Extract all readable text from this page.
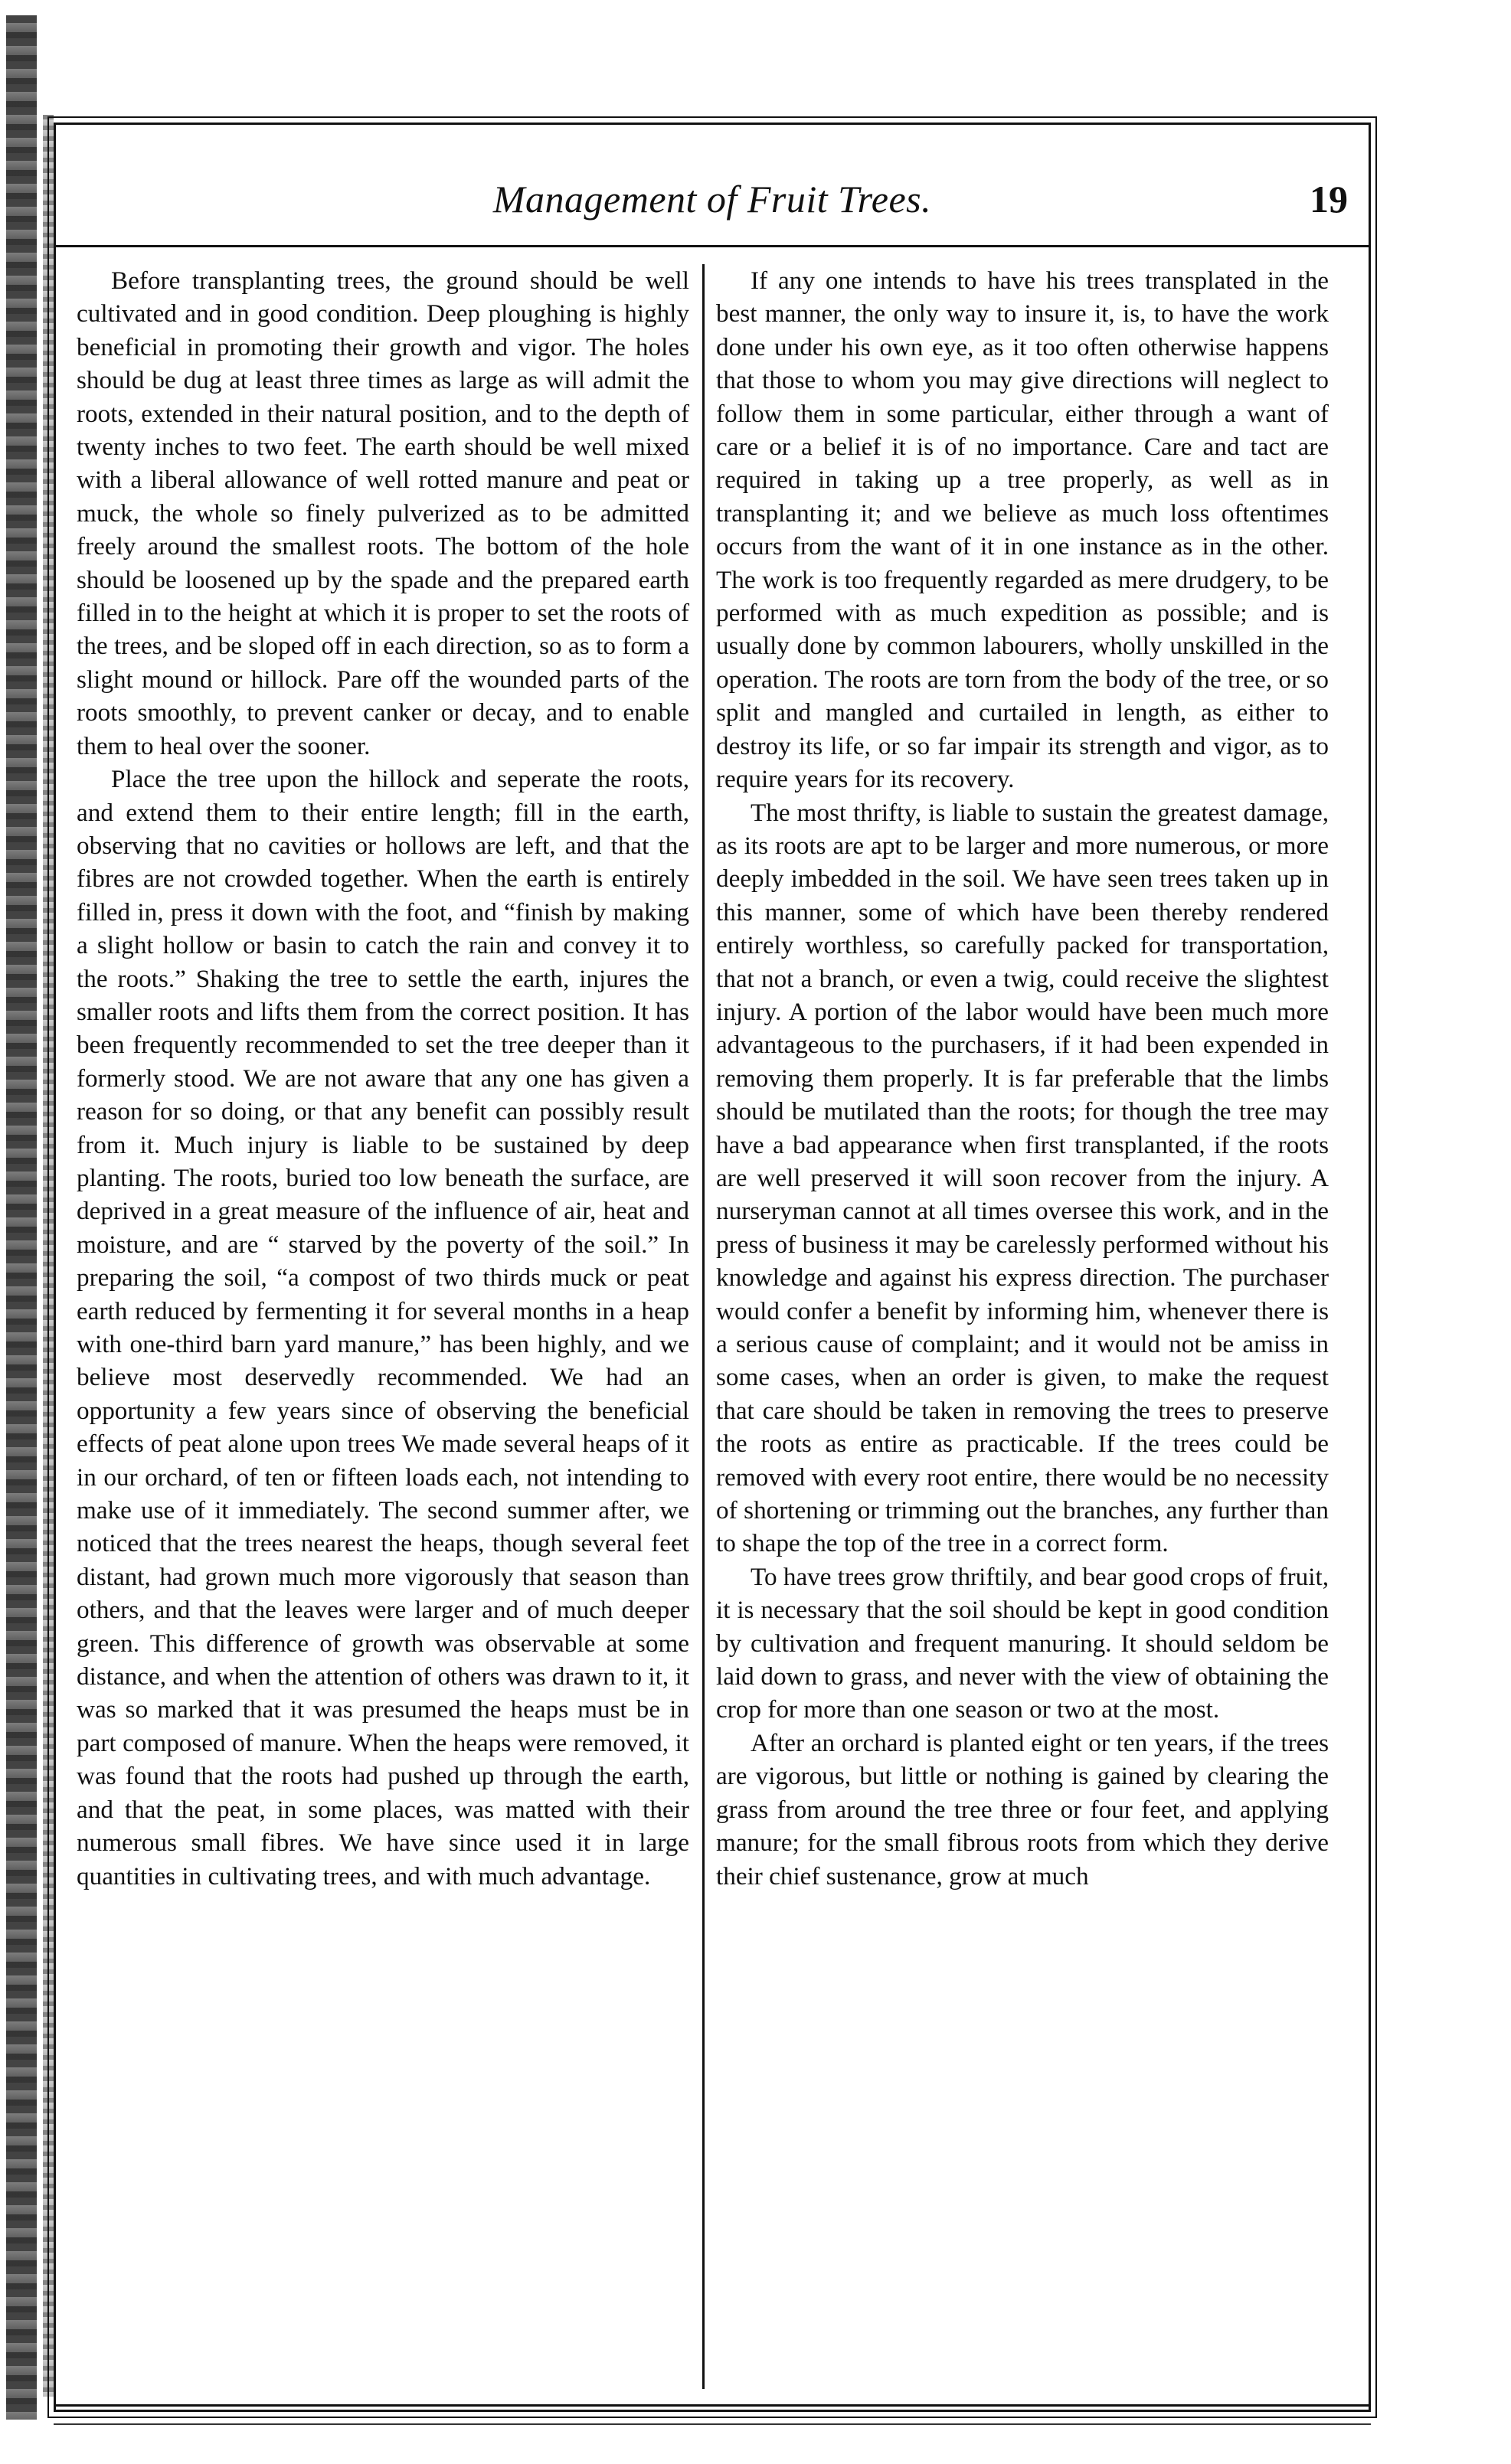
Management of Fruit Trees.	19

Before transplanting trees, the ground should be well cultivated and in good condition. Deep ploughing is highly beneficial in promoting their growth and vigor. The holes should be dug at least three times as large as will admit the roots, extended in their natural position, and to the depth of twenty inches to two feet. The earth should be well mixed with a liberal allowance of well rotted manure and peat or muck, the whole so finely pulverized as to be admitted freely around the smallest roots. The bottom of the hole should be loosened up by the spade and the prepared earth filled in to the height at which it is proper to set the roots of the trees, and be sloped off in each direction, so as to form a slight mound or hillock. Pare off the wounded parts of the roots smoothly, to prevent canker or decay, and to enable them to heal over the sooner.

Place the tree upon the hillock and seperate the roots, and extend them to their entire length; fill in the earth, observing that no cavities or hollows are left, and that the fibres are not crowded together. When the earth is entirely filled in, press it down with the foot, and “finish by making a slight hollow or basin to catch the rain and convey it to the roots.” Shaking the tree to settle the earth, injures the smaller roots and lifts them from the correct position. It has been frequently recommended to set the tree deeper than it formerly stood. We are not aware that any one has given a reason for so doing, or that any benefit can possibly result from it. Much injury is liable to be sustained by deep planting. The roots, buried too low beneath the surface, are deprived in a great measure of the influence of air, heat and moisture, and are “ starved by the poverty of the soil.” In preparing the soil, “a compost of two thirds muck or peat earth reduced by fermenting it for several months in a heap with one-third barn yard manure,” has been highly, and we believe most deservedly recommended. We had an opportunity a few years since of observing the beneficial effects of peat alone upon trees We made several heaps of it in our orchard, of ten or fifteen loads each, not intending to make use of it immediately. The second summer after, we noticed that the trees nearest the heaps, though several feet distant, had grown much more vigorously that season than others, and that the leaves were larger and of much deeper green. This difference of growth was observable at some distance, and when the attention of others was drawn to it, it was so marked that it was presumed the heaps must be in part composed of manure. When the heaps were removed, it was found that the roots had pushed up through the earth, and that the peat, in some places, was matted with their numerous small fibres. We have since used it in large quantities in cultivating trees, and with much advantage.

If any one intends to have his trees transplated in the best manner, the only way to insure it, is, to have the work done under his own eye, as it too often otherwise happens that those to whom you may give directions will neglect to follow them in some particular, either through a want of care or a belief it is of no importance. Care and tact are required in taking up a tree properly, as well as in transplanting it; and we believe as much loss oftentimes occurs from the want of it in one instance as in the other. The work is too frequently regarded as mere drudgery, to be performed with as much expedition as possible; and is usually done by common labourers, wholly unskilled in the operation. The roots are torn from the body of the tree, or so split and mangled and curtailed in length, as either to destroy its life, or so far impair its strength and vigor, as to require years for its recovery.

The most thrifty, is liable to sustain the greatest damage, as its roots are apt to be larger and more numerous, or more deeply imbedded in the soil. We have seen trees taken up in this manner, some of which have been thereby rendered entirely worthless, so carefully packed for transportation, that not a branch, or even a twig, could receive the slightest injury. A portion of the labor would have been much more advantageous to the purchasers, if it had been expended in removing them properly. It is far preferable that the limbs should be mutilated than the roots; for though the tree may have a bad appearance when first transplanted, if the roots are well preserved it will soon recover from the injury. A nurseryman cannot at all times oversee this work, and in the press of business it may be carelessly performed without his knowledge and against his express direction. The purchaser would confer a benefit by informing him, whenever there is a serious cause of complaint; and it would not be amiss in some cases, when an order is given, to make the request that care should be taken in removing the trees to preserve the roots as entire as practicable. If the trees could be removed with every root entire, there would be no necessity of shortening or trimming out the branches, any further than to shape the top of the tree in a correct form.

To have trees grow thriftily, and bear good crops of fruit, it is necessary that the soil should be kept in good condition by cultivation and frequent manuring. It should seldom be laid down to grass, and never with the view of obtaining the crop for more than one season or two at the most.

After an orchard is planted eight or ten years, if the trees are vigorous, but little or nothing is gained by clearing the grass from around the tree three or four feet, and applying manure; for the small fibrous roots from which they derive their chief sustenance, grow at much
